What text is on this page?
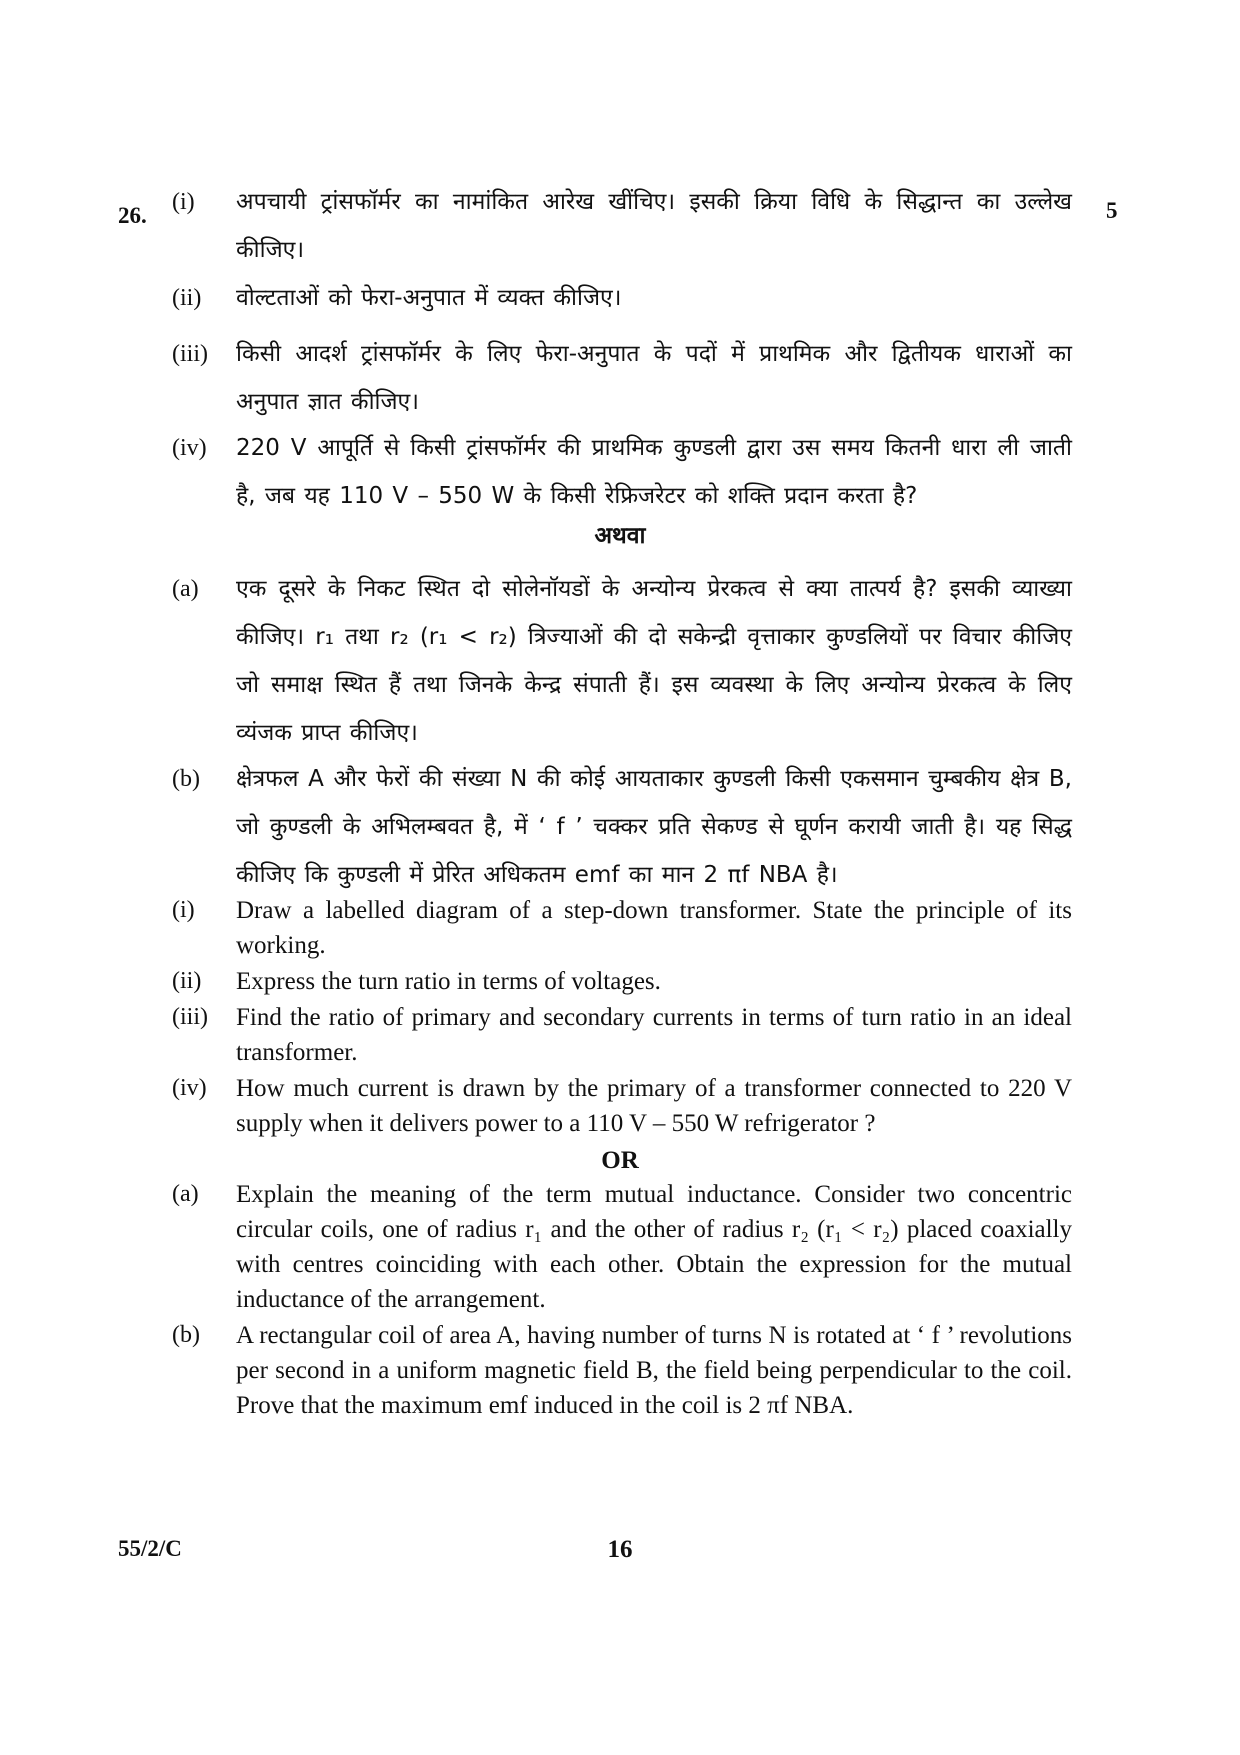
26.	5
(i)	अपचायी ट्रांसफॉर्मर का नामांकित आरेख खींचिए। इसकी क्रिया विधि के सिद्धान्त का उल्लेख कीजिए।
(ii)	वोल्टताओं को फेरा-अनुपात में व्यक्त कीजिए।
(iii)	किसी आदर्श ट्रांसफॉर्मर के लिए फेरा-अनुपात के पदों में प्राथमिक और द्वितीयक धाराओं का अनुपात ज्ञात कीजिए।
(iv)	220 V आपूर्ति से किसी ट्रांसफॉर्मर की प्राथमिक कुण्डली द्वारा उस समय कितनी धारा ली जाती है, जब यह 110 V – 550 W के किसी रेफ्रिजरेटर को शक्ति प्रदान करता है?
अथवा
(a)	एक दूसरे के निकट स्थित दो सोलेनॉयडों के अन्योन्य प्रेरकत्व से क्या तात्पर्य है? इसकी व्याख्या कीजिए। r₁ तथा r₂ (r₁ < r₂) त्रिज्याओं की दो सकेन्द्री वृत्ताकार कुण्डलियों पर विचार कीजिए जो समाक्ष स्थित हैं तथा जिनके केन्द्र संपाती हैं। इस व्यवस्था के लिए अन्योन्य प्रेरकत्व के लिए व्यंजक प्राप्त कीजिए।
(b)	क्षेत्रफल A और फेरों की संख्या N की कोई आयताकार कुण्डली किसी एकसमान चुम्बकीय क्षेत्र B, जो कुण्डली के अभिलम्बवत है, में ‘ f ’ चक्कर प्रति सेकण्ड से घूर्णन करायी जाती है। यह सिद्ध कीजिए कि कुण्डली में प्रेरित अधिकतम emf का मान 2 πf NBA है।
(i)	Draw a labelled diagram of a step-down transformer. State the principle of its working.
(ii)	Express the turn ratio in terms of voltages.
(iii)	Find the ratio of primary and secondary currents in terms of turn ratio in an ideal transformer.
(iv)	How much current is drawn by the primary of a transformer connected to 220 V supply when it delivers power to a 110 V – 550 W refrigerator ?
OR
(a)	Explain the meaning of the term mutual inductance. Consider two concentric circular coils, one of radius r₁ and the other of radius r₂ (r₁ < r₂) placed coaxially with centres coinciding with each other. Obtain the expression for the mutual inductance of the arrangement.
(b)	A rectangular coil of area A, having number of turns N is rotated at ‘ f ’ revolutions per second in a uniform magnetic field B, the field being perpendicular to the coil. Prove that the maximum emf induced in the coil is 2 πf NBA.
55/2/C	16
